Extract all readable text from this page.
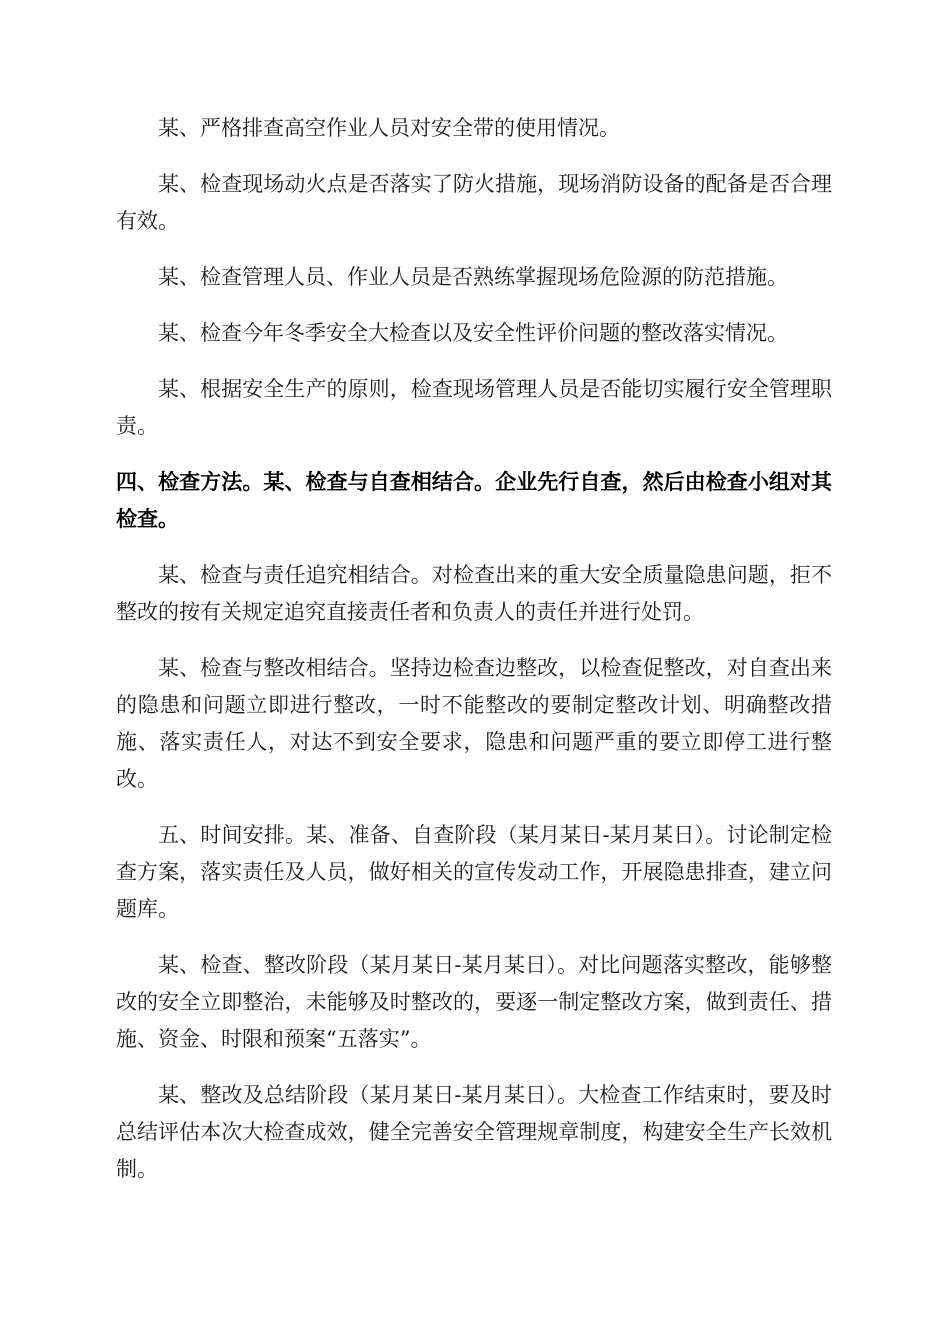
某、严格排查高空作业人员对安全带的使用情况。

某、检查现场动火点是否落实了防火措施，现场消防设备的配备是否合理有效。

某、检查管理人员、作业人员是否熟练掌握现场危险源的防范措施。

某、检查今年冬季安全大检查以及安全性评价问题的整改落实情况。

某、根据安全生产的原则，检查现场管理人员是否能切实履行安全管理职责。

四、检查方法。某、检查与自查相结合。企业先行自查，然后由检查小组对其检查。

某、检查与责任追究相结合。对检查出来的重大安全质量隐患问题，拒不整改的按有关规定追究直接责任者和负责人的责任并进行处罚。

某、检查与整改相结合。坚持边检查边整改，以检查促整改，对自查出来的隐患和问题立即进行整改，一时不能整改的要制定整改计划、明确整改措施、落实责任人，对达不到安全要求，隐患和问题严重的要立即停工进行整改。

五、时间安排。某、准备、自查阶段（某月某日-某月某日）。讨论制定检查方案，落实责任及人员，做好相关的宣传发动工作，开展隐患排查，建立问题库。

某、检查、整改阶段（某月某日-某月某日）。对比问题落实整改，能够整改的安全立即整治，未能够及时整改的，要逐一制定整改方案，做到责任、措施、资金、时限和预案“五落实”。

某、整改及总结阶段（某月某日-某月某日）。大检查工作结束时，要及时总结评估本次大检查成效，健全完善安全管理规章制度，构建安全生产长效机制。
